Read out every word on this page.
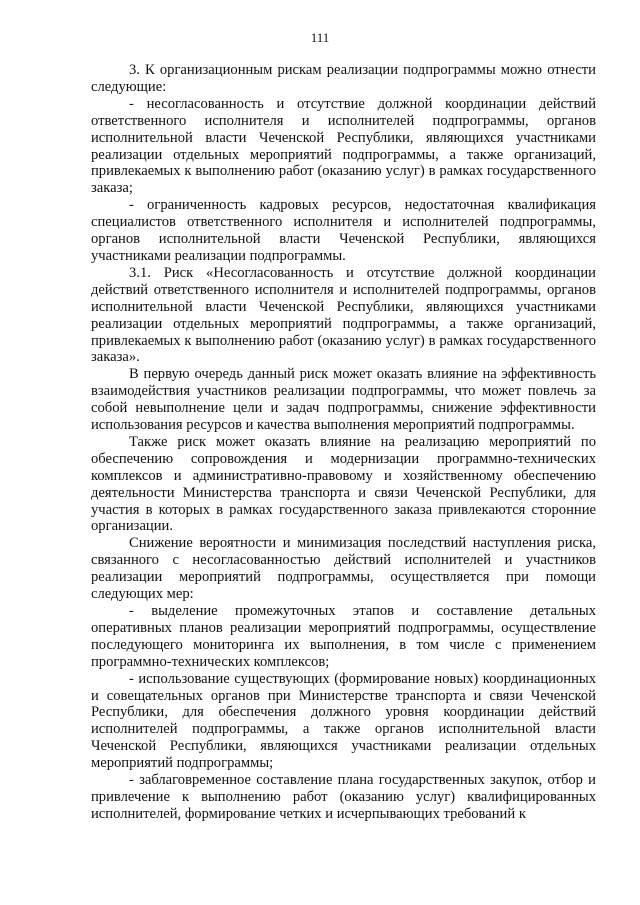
111

3. К организационным рискам реализации подпрограммы можно отнести следующие:

- несогласованность и отсутствие должной координации действий ответственного исполнителя и исполнителей подпрограммы, органов исполнительной власти Чеченской Республики, являющихся участниками реализации отдельных мероприятий подпрограммы, а также организаций, привлекаемых к выполнению работ (оказанию услуг) в рамках государственного заказа;

- ограниченность кадровых ресурсов, недостаточная квалификация специалистов ответственного исполнителя и исполнителей подпрограммы, органов исполнительной власти Чеченской Республики, являющихся участниками реализации подпрограммы.

3.1. Риск «Несогласованность и отсутствие должной координации действий ответственного исполнителя и исполнителей подпрограммы, органов исполнительной власти Чеченской Республики, являющихся участниками реализации отдельных мероприятий подпрограммы, а также организаций, привлекаемых к выполнению работ (оказанию услуг) в рамках государственного заказа».

В первую очередь данный риск может оказать влияние на эффективность взаимодействия участников реализации подпрограммы, что может повлечь за собой невыполнение цели и задач подпрограммы, снижение эффективности использования ресурсов и качества выполнения мероприятий подпрограммы.

Также риск может оказать влияние на реализацию мероприятий по обеспечению сопровождения и модернизации программно-технических комплексов и административно-правовому и хозяйственному обеспечению деятельности Министерства транспорта и связи Чеченской Республики, для участия в которых в рамках государственного заказа привлекаются сторонние организации.

Снижение вероятности и минимизация последствий наступления риска, связанного с несогласованностью действий исполнителей и участников реализации мероприятий подпрограммы, осуществляется при помощи следующих мер:

- выделение промежуточных этапов и составление детальных оперативных планов реализации мероприятий подпрограммы, осуществление последующего мониторинга их выполнения, в том числе с применением программно-технических комплексов;

- использование существующих (формирование новых) координационных и совещательных органов при Министерстве транспорта и связи Чеченской Республики, для обеспечения должного уровня координации действий исполнителей подпрограммы, а также органов исполнительной власти Чеченской Республики, являющихся участниками реализации отдельных мероприятий подпрограммы;

- заблаговременное составление плана государственных закупок, отбор и привлечение к выполнению работ (оказанию услуг) квалифицированных исполнителей, формирование четких и исчерпывающих требований к
